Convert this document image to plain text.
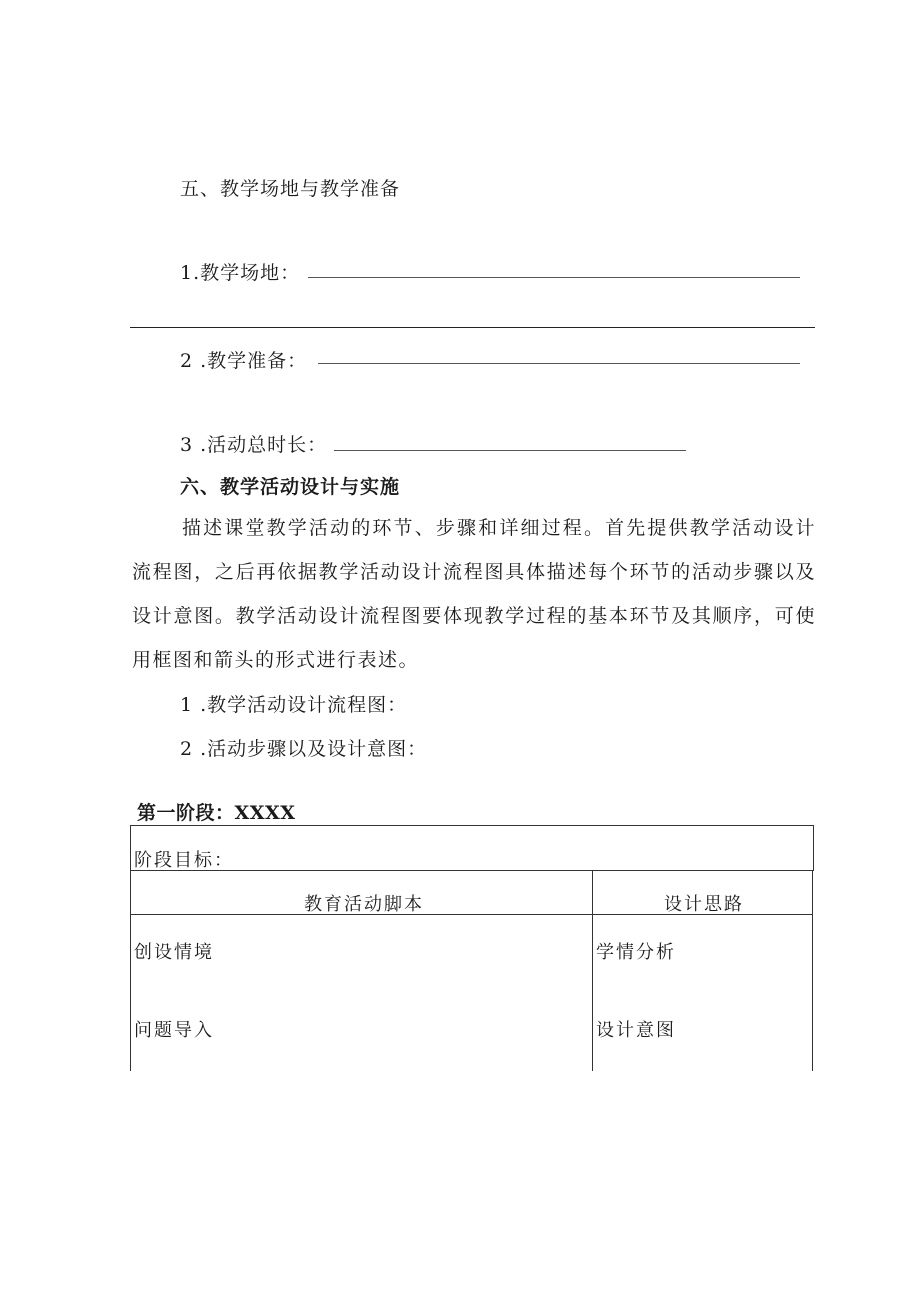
五、教学场地与教学准备
1.教学场地：
2 .教学准备：
3 .活动总时长：
六、教学活动设计与实施
描述课堂教学活动的环节、步骤和详细过程。首先提供教学活动设计流程图，之后再依据教学活动设计流程图具体描述每个环节的活动步骤以及设计意图。教学活动设计流程图要体现教学过程的基本环节及其顺序，可使用框图和箭头的形式进行表述。
1 .教学活动设计流程图：
2 .活动步骤以及设计意图：
第一阶段：XXXX
阶段目标：
教育活动脚本	设计思路
创设情境	学情分析
问题导入	设计意图
